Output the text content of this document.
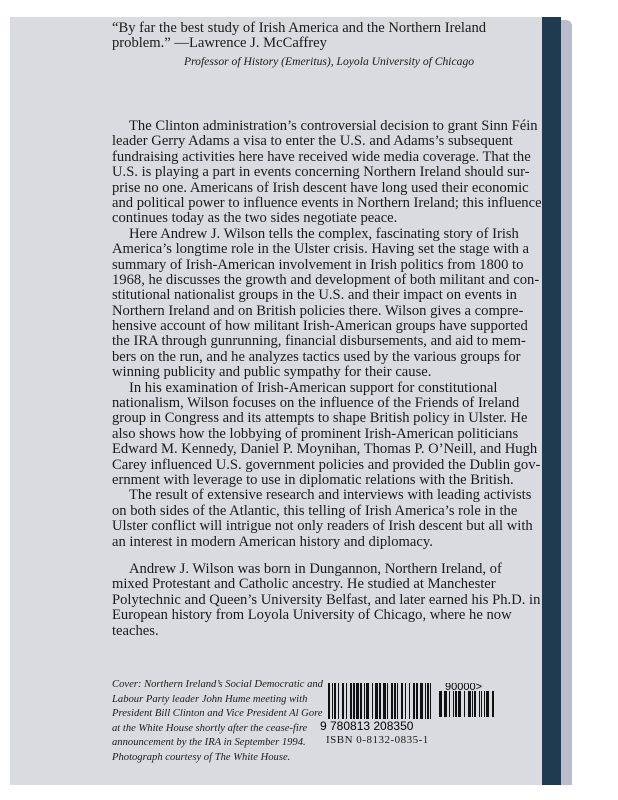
“By far the best study of Irish America and the Northern Ireland
problem.” —Lawrence J. McCaffrey
Professor of History (Emeritus), Loyola University of Chicago
The Clinton administration’s controversial decision to grant Sinn Féin
leader Gerry Adams a visa to enter the U.S. and Adams’s subsequent
fundraising activities here have received wide media coverage. That the
U.S. is playing a part in events concerning Northern Ireland should sur-
prise no one. Americans of Irish descent have long used their economic
and political power to influence events in Northern Ireland; this influence
continues today as the two sides negotiate peace.
Here Andrew J. Wilson tells the complex, fascinating story of Irish
America’s longtime role in the Ulster crisis. Having set the stage with a
summary of Irish-American involvement in Irish politics from 1800 to
1968, he discusses the growth and development of both militant and con-
stitutional nationalist groups in the U.S. and their impact on events in
Northern Ireland and on British policies there. Wilson gives a compre-
hensive account of how militant Irish-American groups have supported
the IRA through gunrunning, financial disbursements, and aid to mem-
bers on the run, and he analyzes tactics used by the various groups for
winning publicity and public sympathy for their cause.
In his examination of Irish-American support for constitutional
nationalism, Wilson focuses on the influence of the Friends of Ireland
group in Congress and its attempts to shape British policy in Ulster. He
also shows how the lobbying of prominent Irish-American politicians
Edward M. Kennedy, Daniel P. Moynihan, Thomas P. O’Neill, and Hugh
Carey influenced U.S. government policies and provided the Dublin gov-
ernment with leverage to use in diplomatic relations with the British.
The result of extensive research and interviews with leading activists
on both sides of the Atlantic, this telling of Irish America’s role in the
Ulster conflict will intrigue not only readers of Irish descent but all with
an interest in modern American history and diplomacy.
Andrew J. Wilson was born in Dungannon, Northern Ireland, of
mixed Protestant and Catholic ancestry. He studied at Manchester
Polytechnic and Queen’s University Belfast, and later earned his Ph.D. in
European history from Loyola University of Chicago, where he now
teaches.
Cover: Northern Ireland’s Social Democratic and
Labour Party leader John Hume meeting with
President Bill Clinton and Vice President Al Gore
at the White House shortly after the cease-fire
announcement by the IRA in September 1994.
Photograph courtesy of The White House.
9 780813 208350
90000>
ISBN 0-8132-0835-1
